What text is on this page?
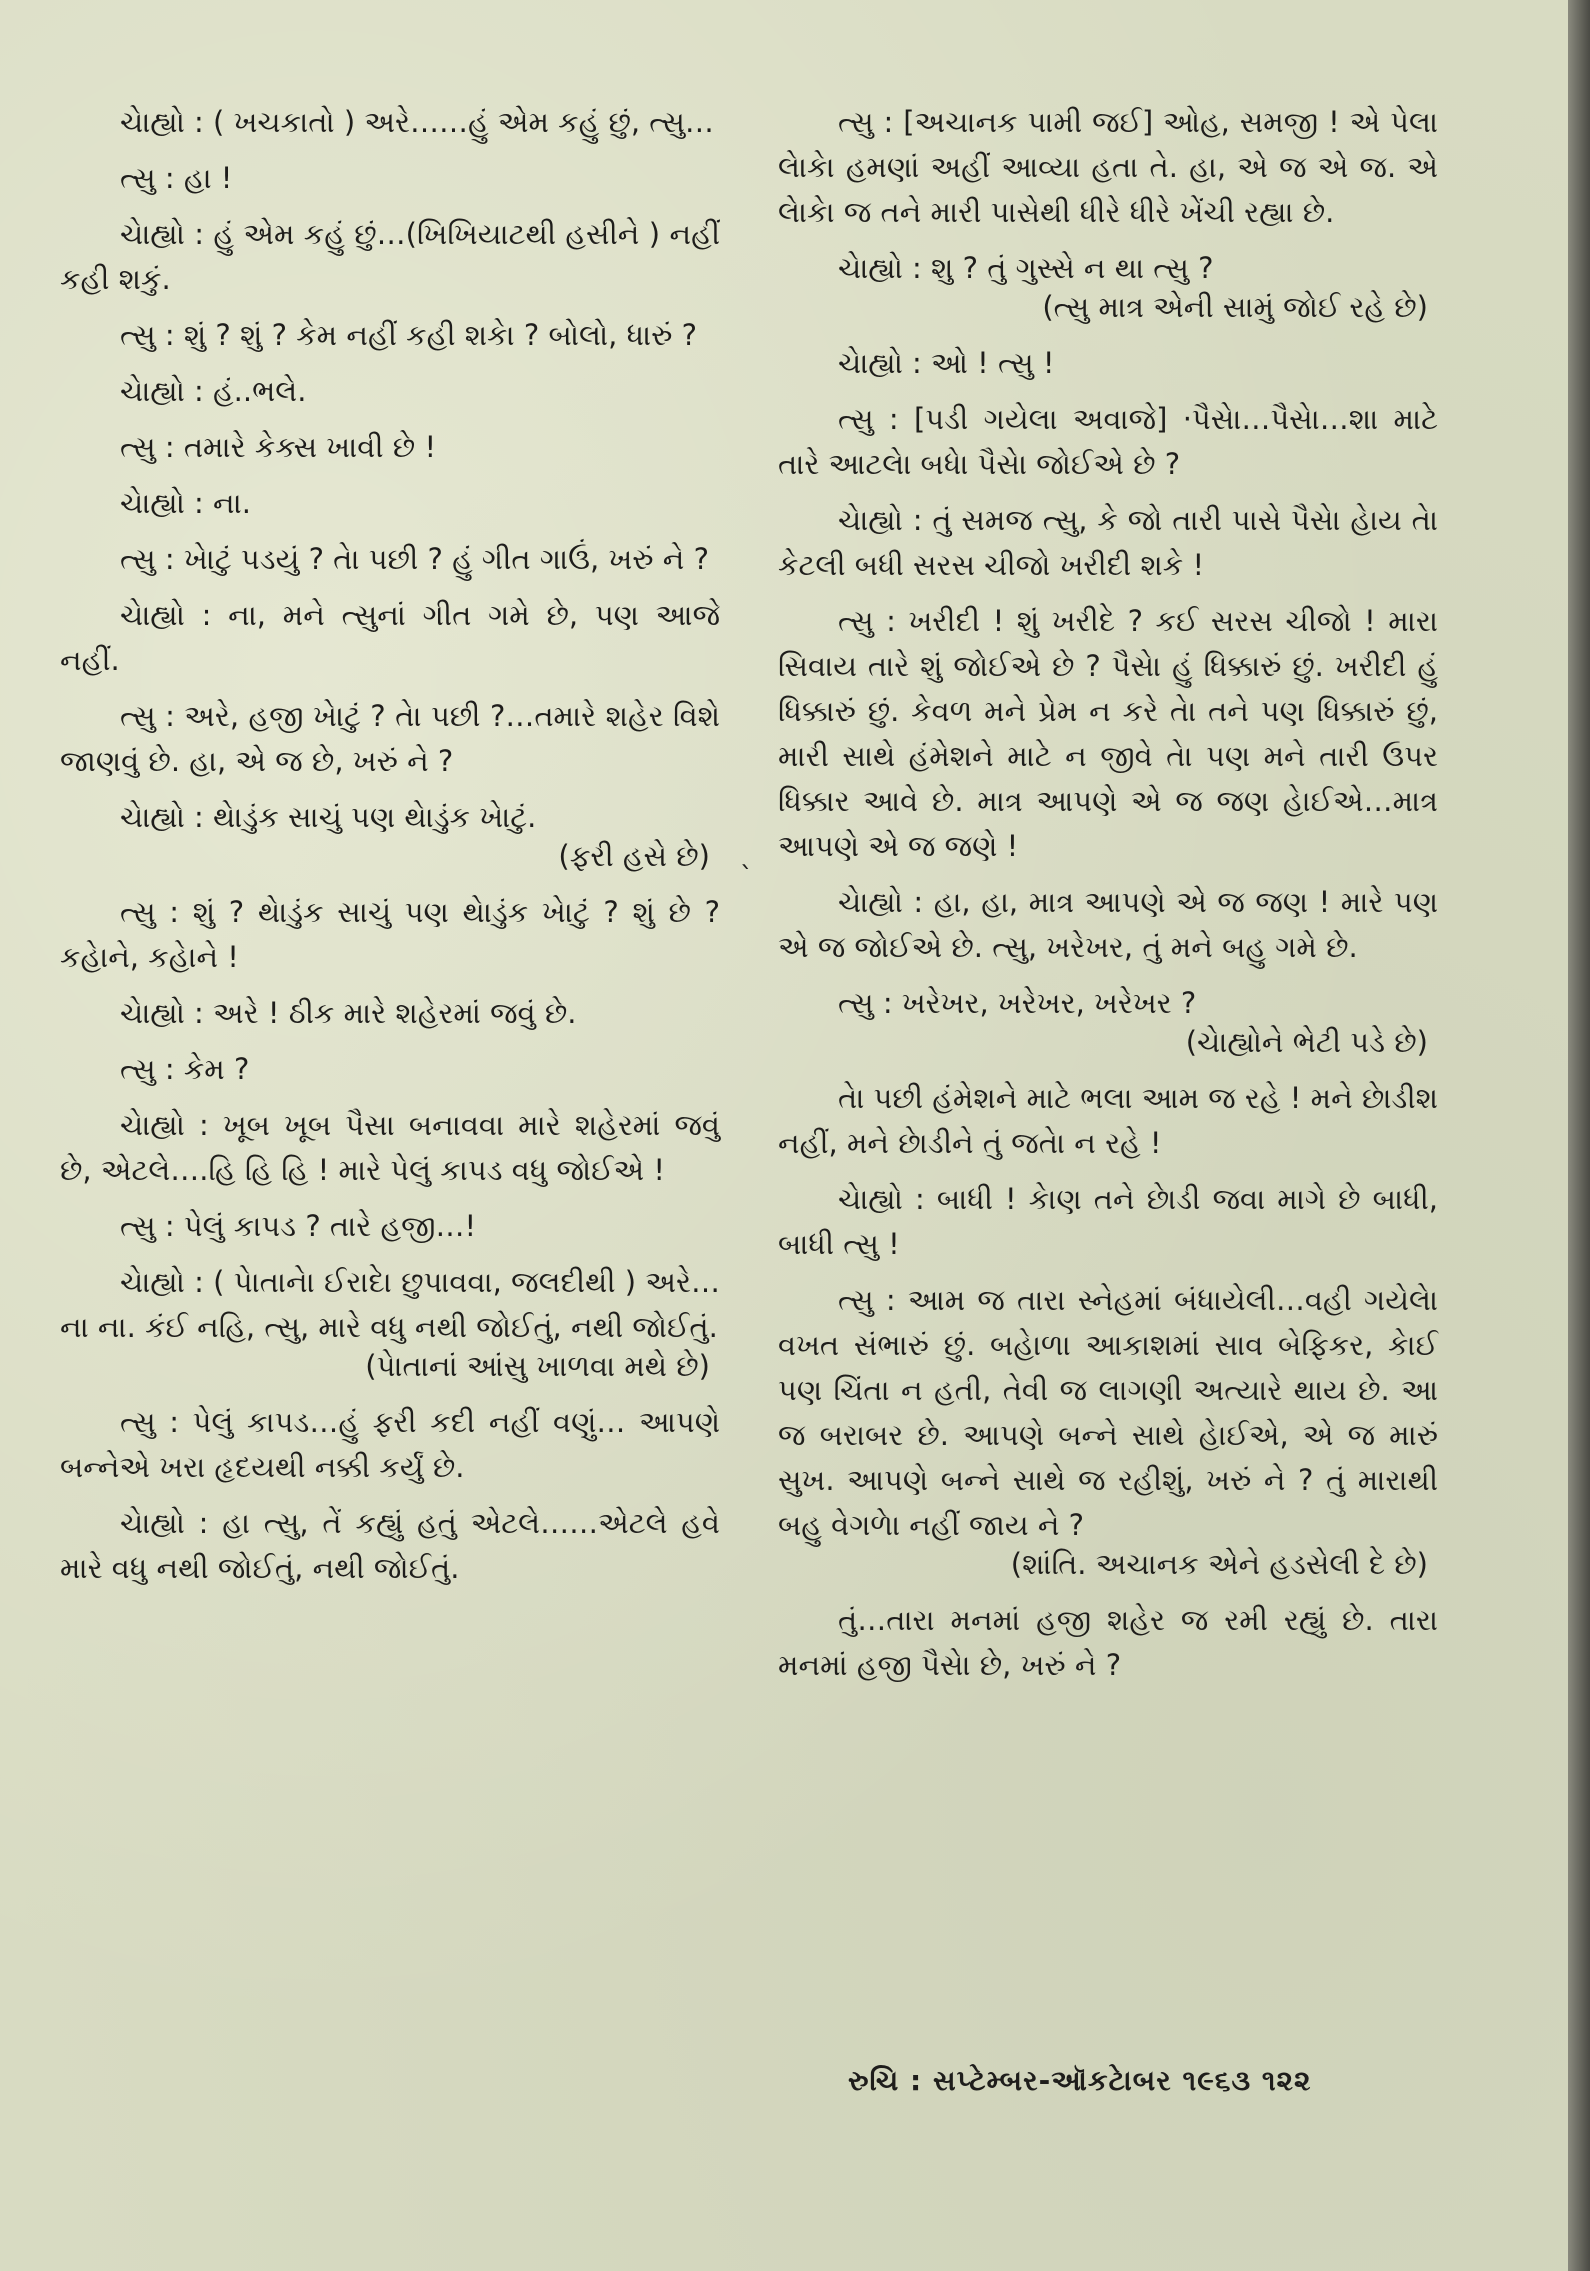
ચેાહ્યો : ( ખચકાતો ) અરે……હું એમ કહું છું, ત્સુ…

ત્સુ : હા !

ચેાહ્યો : હું એમ કહું છું…(ખિખિયાટથી હસીને ) નહીં કહી શકું.

ત્સુ : શું ? શું ? કેમ નહીં કહી શકેા ? બોલો, ધારું ?

ચેાહ્યો : હં..ભલે.

ત્સુ : તમારે કેક્સ ખાવી છે !

ચેાહ્યો : ના.

ત્સુ : ખેાટું પડયું ? તેા પછી ? હું ગીત ગાઉં, ખરું ને ?

ચેાહ્યો : ના, મને ત્સુનાં ગીત ગમે છે, પણ આજે નહીં.

ત્સુ : અરે, હજી ખેાટું ? તેા પછી ?…તમારે શહેર વિશે જાણવું છે. હા, એ જ છે, ખરું ને ?

ચેાહ્યો : થેાડુંક સાચું પણ થેાડુંક ખેાટું.

(ફરી હસે છે)

ત્સુ : શું ? થેાડુંક સાચું પણ થેાડુંક ખેાટું ? શું છે ? કહેાને, કહેાને !

ચેાહ્યો : અરે ! ઠીક મારે શહેરમાં જવું છે.

ત્સુ : કેમ ?

ચેાહ્યો : ખૂબ ખૂબ પૈસા બનાવવા મારે શહેરમાં જવું છે, એટલે….હિ હિ હિ ! મારે પેલું કાપડ વધુ જોઈએ !

ત્સુ : પેલું કાપડ ? તારે હજી…!

ચેાહ્યો : ( પેાતાનેા ઈરાદેા છુપાવવા, જલદીથી ) અરે…ના ના. કંઈ નહિ, ત્સુ, મારે વધુ નથી જોઈતું, નથી જોઈતું.

(પેાતાનાં આંસુ ખાળવા મથે છે)

ત્સુ : પેલું કાપડ…હું ફરી કદી નહીં વણું… આપણે બન્નેએ ખરા હૃદયથી નક્કી કર્યું છે.

ચેાહ્યો : હા ત્સુ, તેં કહ્યું હતું એટલે……એટલે હવે મારે વધુ નથી જોઈતું, નથી જોઈતું.

`

ત્સુ : [અચાનક પામી જઈ] ઓહ, સમજી ! એ પેલા લેાકેા હમણાં અહીં આવ્યા હતા તે. હા, એ જ એ જ. એ લેાકેા જ તને મારી પાસેથી ધીરે ધીરે ખેંચી રહ્યા છે.

ચેાહ્યો : શુ ? તું ગુસ્સે ન થા ત્સુ ?

(ત્સુ માત્ર એની સામું જોઈ રહે છે)

ચેાહ્યો : ઓ ! ત્સુ !

ત્સુ : [પડી ગયેલા અવાજે] ·પૈસેા…પૈસેા…શા માટે તારે આટલેા બધેા પૈસેા જોઈએ છે ?

ચેાહ્યો : તું સમજ ત્સુ, કે જો તારી પાસે પૈસેા હેાય તેા કેટલી બધી સરસ ચીજો ખરીદી શકે !

ત્સુ : ખરીદી ! શું ખરીદે ? કઈ સરસ ચીજો ! મારા સિવાય તારે શું જોઈએ છે ? પૈસેા હું ધિક્કારું છું. ખરીદી હું ધિક્કારું છું. કેવળ મને પ્રેમ ન કરે તેા તને પણ ધિક્કારું છું, મારી સાથે હંમેશને માટે ન જીવે તેા પણ મને તારી ઉપર ધિક્કાર આવે છે. માત્ર આપણે એ જ જણ હેાઈએ…માત્ર આપણે એ જ જણે !

ચેાહ્યો : હા, હા, માત્ર આપણે એ જ જણ ! મારે પણ એ જ જોઈએ છે. ત્સુ, ખરેખર, તું મને બહુ ગમે છે.

ત્સુ : ખરેખર, ખરેખર, ખરેખર ?

(ચેાહ્યોને ભેટી પડે છે)

તેા પછી હંમેશને માટે ભલા આમ જ રહે ! મને છેાડીશ નહીં, મને છેાડીને તું જતેા ન રહે !

ચેાહ્યો : બાધી ! કેાણ તને છેાડી જવા માગે છે બાધી, બાધી ત્સુ !

ત્સુ : આમ જ તારા સ્નેહમાં બંધાયેલી…વહી ગયેલેા વખત સંભારું છું. બહેાળા આકાશમાં સાવ બેફિકર, કેાઈ પણ ચિંતા ન હતી, તેવી જ લાગણી અત્યારે થાય છે. આ જ બરાબર છે. આપણે બન્ને સાથે હેાઈએ, એ જ મારું સુખ. આપણે બન્ને સાથે જ રહીશું, ખરું ને ? તું મારાથી બહુ વેગળેા નહીં જાય ને ?

(શાંતિ. અચાનક એને હડસેલી દે છે)

તું…તારા મનમાં હજી શહેર જ રમી રહ્યું છે. તારા મનમાં હજી પૈસેા છે, ખરું ને ?

રુચિ : સપ્ટેમ્બર-ઑકટેાબર ૧૯૬૩ ૧૨૨
